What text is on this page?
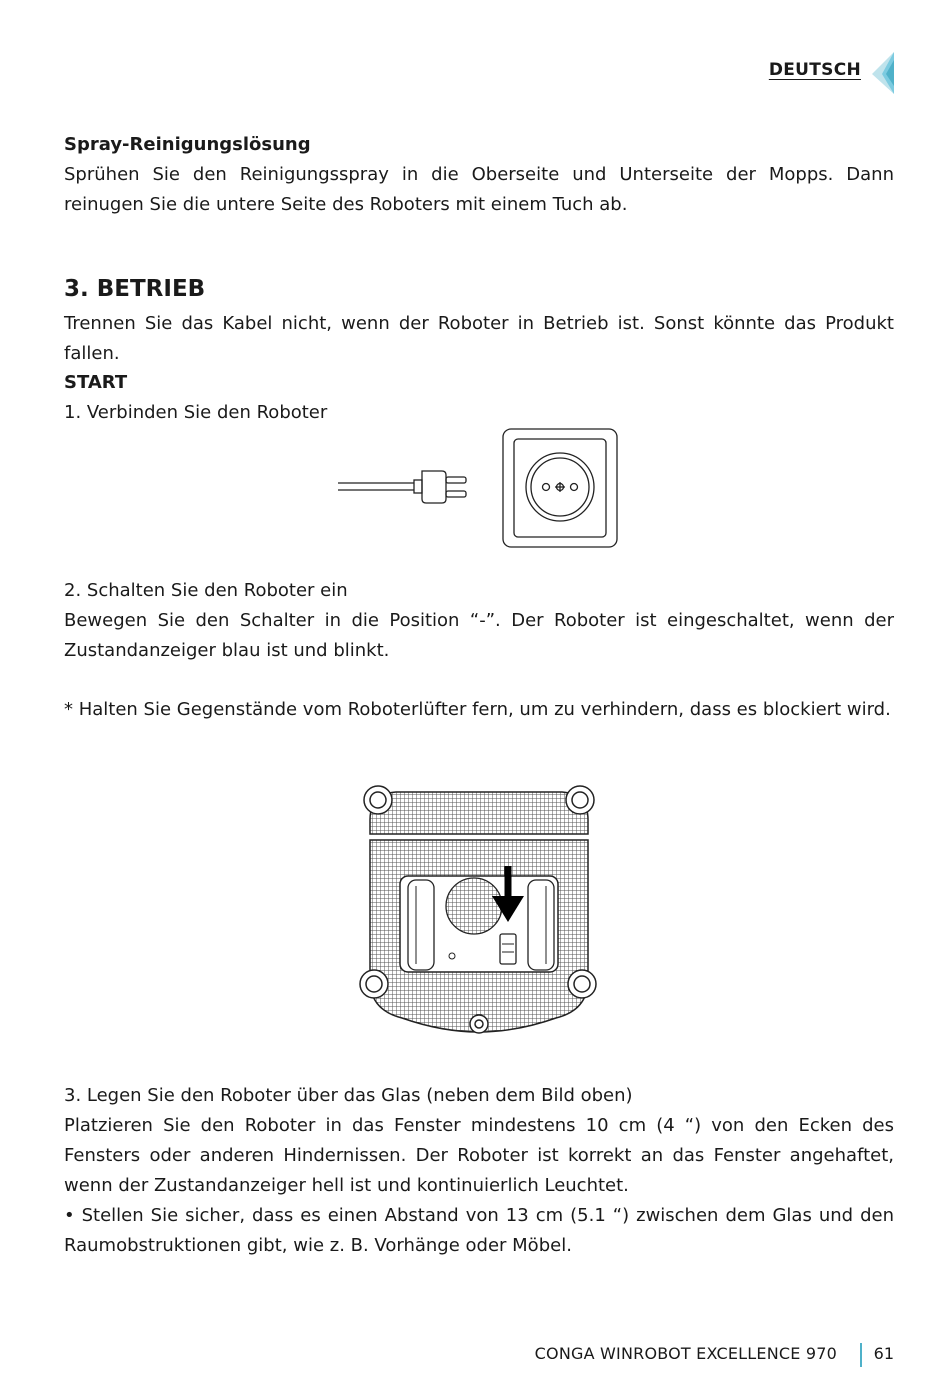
DEUTSCH
Spray-Reinigungslösung

Sprühen Sie den Reinigungsspray in die Oberseite und Unterseite der Mopps. Dann reinugen Sie die untere Seite des Roboters mit einem Tuch ab.

3. BETRIEB

Trennen Sie das Kabel nicht, wenn der Roboter in Betrieb ist. Sonst könnte das Produkt fallen.

START
1. Verbinden Sie den Roboter
2. Schalten Sie den Roboter ein

Bewegen Sie den Schalter in die Position “-”. Der Roboter ist eingeschaltet, wenn der Zustandanzeiger blau ist und blinkt.

* Halten Sie Gegenstände vom Roboterlüfter fern, um zu verhindern, dass es blockiert wird.

3. Legen Sie den Roboter über das Glas (neben dem Bild oben)

Platzieren Sie den Roboter in das Fenster mindestens 10 cm (4 “) von den Ecken des Fensters oder anderen Hindernissen. Der Roboter ist korrekt an das Fenster angehaftet, wenn der Zustandanzeiger hell ist und kontinuierlich Leuchtet.

• Stellen Sie sicher, dass es einen Abstand von 13 cm (5.1 “) zwischen dem Glas und den Raumobstruktionen gibt, wie z. B. Vorhänge oder Möbel.

CONGA WINROBOT EXCELLENCE 970 61
